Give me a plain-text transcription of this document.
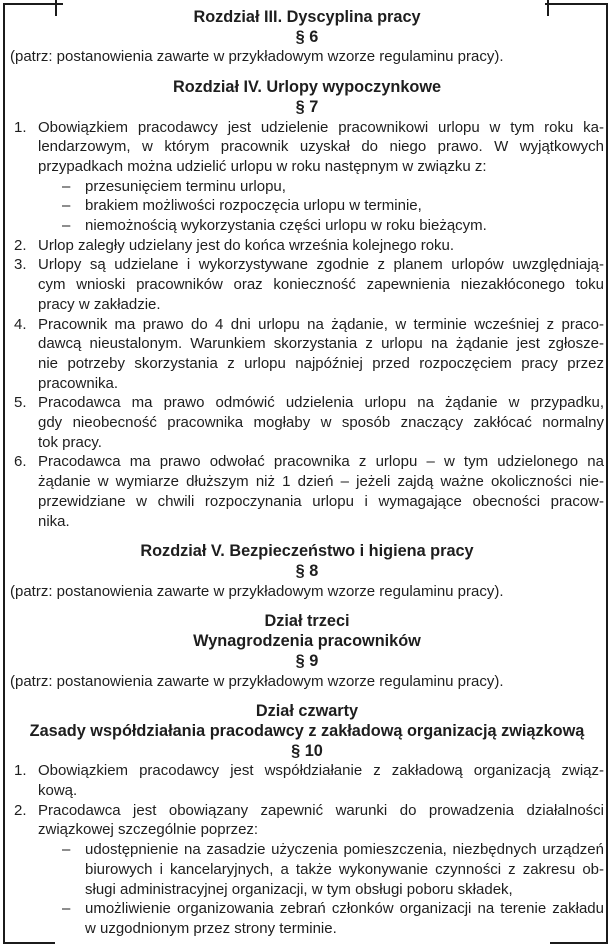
Rozdział III. Dyscyplina pracy
§ 6
(patrz: postanowienia zawarte w przykładowym wzorze regulaminu pracy).
Rozdział IV. Urlopy wypoczynkowe
§ 7
1. Obowiązkiem pracodawcy jest udzielenie pracownikowi urlopu w tym roku ka-
lendarzowym, w którym pracownik uzyskał do niego prawo. W wyjątkowych
przypadkach można udzielić urlopu w roku następnym w związku z:
– przesunięciem terminu urlopu,
– brakiem możliwości rozpoczęcia urlopu w terminie,
– niemożnością wykorzystania części urlopu w roku bieżącym.
2. Urlop zaległy udzielany jest do końca września kolejnego roku.
3. Urlopy są udzielane i wykorzystywane zgodnie z planem urlopów uwzględniają-
cym wnioski pracowników oraz konieczność zapewnienia niezakłóconego toku
pracy w zakładzie.
4. Pracownik ma prawo do 4 dni urlopu na żądanie, w terminie wcześniej z praco-
dawcą nieustalonym. Warunkiem skorzystania z urlopu na żądanie jest zgłosze-
nie potrzeby skorzystania z urlopu najpóźniej przed rozpoczęciem pracy przez
pracownika.
5. Pracodawca ma prawo odmówić udzielenia urlopu na żądanie w przypadku,
gdy nieobecność pracownika mogłaby w sposób znaczący zakłócać normalny
tok pracy.
6. Pracodawca ma prawo odwołać pracownika z urlopu – w tym udzielonego na
żądanie w wymiarze dłuższym niż 1 dzień – jeżeli zajdą ważne okoliczności nie-
przewidziane w chwili rozpoczynania urlopu i wymagające obecności pracow-
nika.
Rozdział V. Bezpieczeństwo i higiena pracy
§ 8
(patrz: postanowienia zawarte w przykładowym wzorze regulaminu pracy).
Dział trzeci
Wynagrodzenia pracowników
§ 9
(patrz: postanowienia zawarte w przykładowym wzorze regulaminu pracy).
Dział czwarty
Zasady współdziałania pracodawcy z zakładową organizacją związkową
§ 10
1. Obowiązkiem pracodawcy jest współdziałanie z zakładową organizacją związ-
kową.
2. Pracodawca jest obowiązany zapewnić warunki do prowadzenia działalności
związkowej szczególnie poprzez:
– udostępnienie na zasadzie użyczenia pomieszczenia, niezbędnych urządzeń
biurowych i kancelaryjnych, a także wykonywanie czynności z zakresu ob-
sługi administracyjnej organizacji, w tym obsługi poboru składek,
– umożliwienie organizowania zebrań członków organizacji na terenie zakładu
w uzgodnionym przez strony terminie.
